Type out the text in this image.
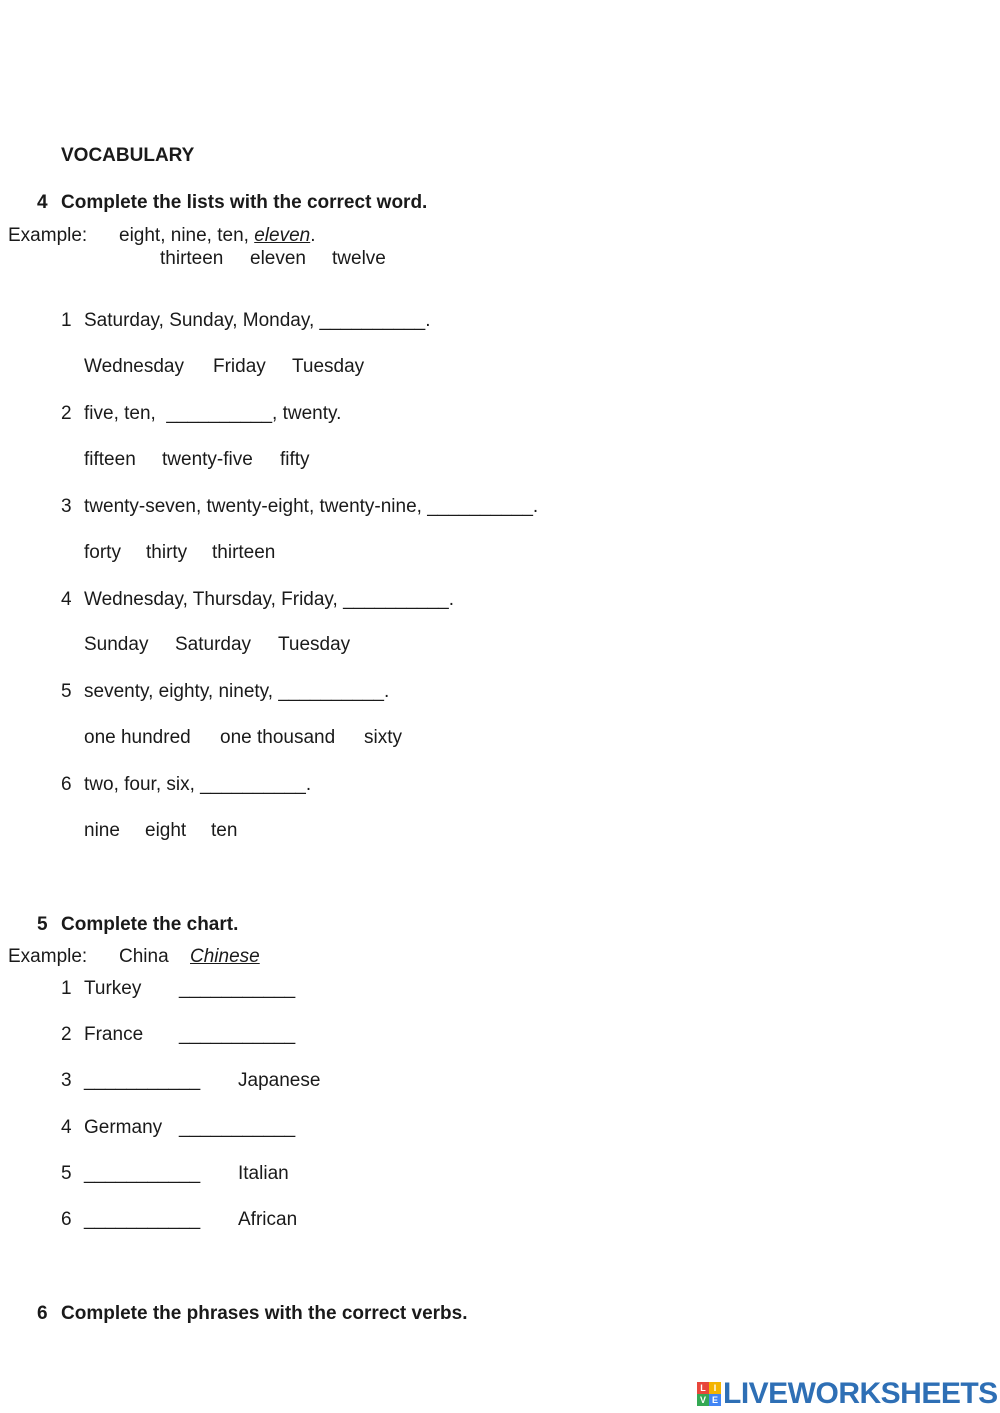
VOCABULARY
4 Complete the lists with the correct word.
Example: eight, nine, ten, eleven.
thirteen eleven twelve
1 Saturday, Sunday, Monday, __________.
Wednesday Friday Tuesday
2 five, ten,  __________, twenty.
fifteen twenty-five fifty
3 twenty-seven, twenty-eight, twenty-nine, __________.
forty thirty thirteen
4 Wednesday, Thursday, Friday, __________.
Sunday Saturday Tuesday
5 seventy, eighty, ninety, __________.
one hundred one thousand sixty
6 two, four, six, __________.
nine eight ten
5 Complete the chart.
Example: China Chinese
1 Turkey ___________
2 France ___________
3 ___________ Japanese
4 Germany ___________
5 ___________ Italian
6 ___________ African
6 Complete the phrases with the correct verbs.
L I
V E LIVEWORKSHEETS
